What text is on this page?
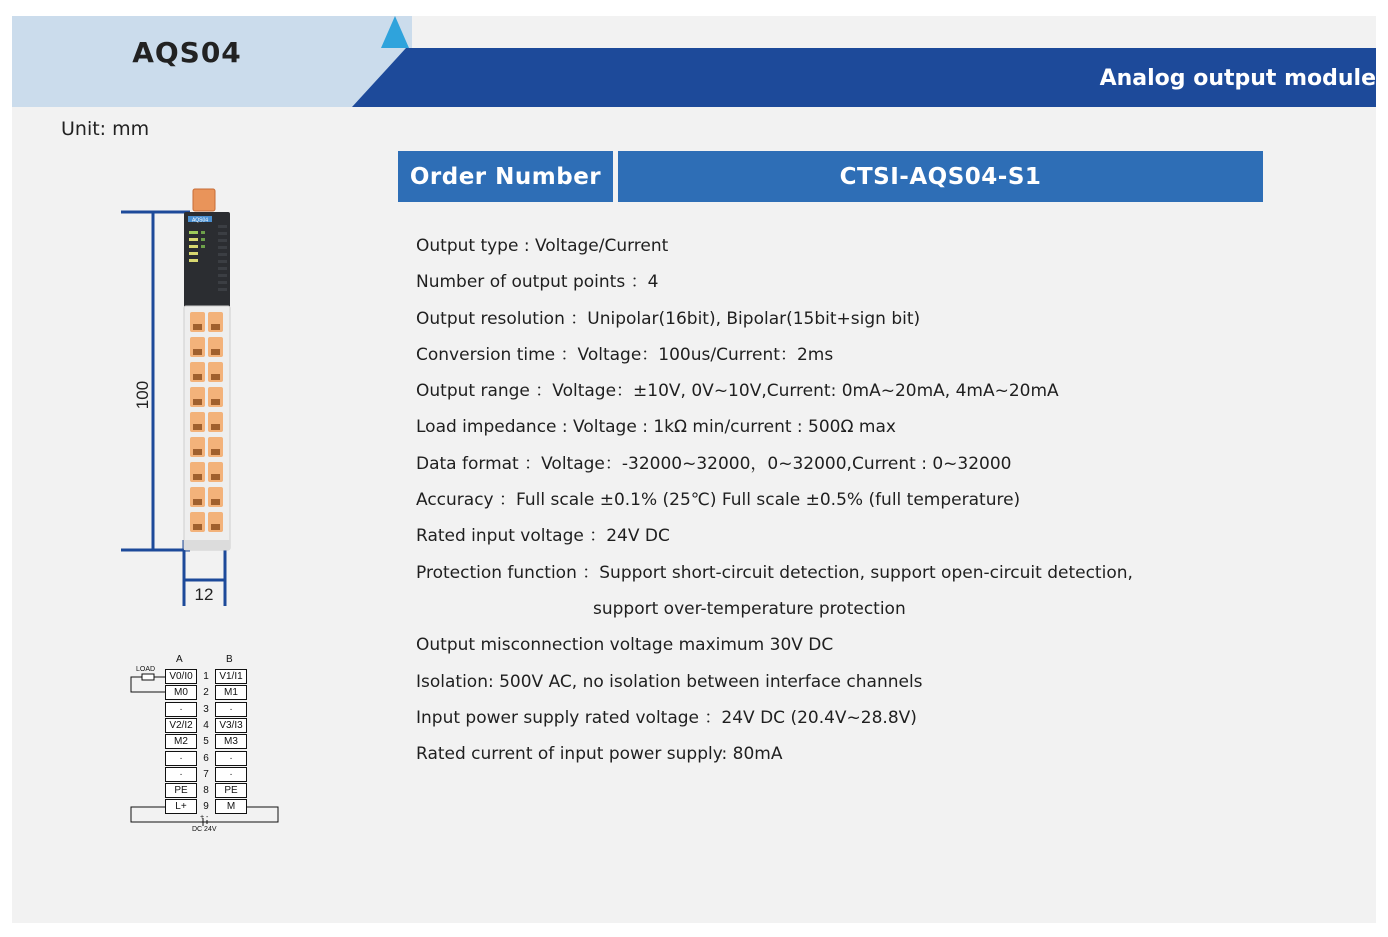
AQS04
Analog output module
Unit: mm
Order Number	CTSI-AQS04-S1
Output type : Voltage/Current
Number of output points ：4
Output resolution ：Unipolar(16bit), Bipolar(15bit+sign bit)
Conversion time ：Voltage：100us/Current：2ms
Output range ：Voltage：±10V, 0V~10V,Current: 0mA~20mA, 4mA~20mA
Load impedance : Voltage : 1kΩ min/current : 500Ω max
Data format ：Voltage：-32000~32000，0~32000,Current : 0~32000
Accuracy ：Full scale ±0.1% (25℃) Full scale ±0.5% (full temperature)
Rated input voltage ：24V DC
Protection function ：Support short-circuit detection, support open-circuit detection,
support over-temperature protection
Output misconnection voltage maximum 30V DC
Isolation: 500V AC, no isolation between interface channels
Input power supply rated voltage ：24V DC (20.4V~28.8V)
Rated current of input power supply: 80mA
100
12
AQS04
A	B
LOAD
V0/I0	1	V1/I1
M0	2	M1
·	3	·
V2/I2	4	V3/I3
M2	5	M3
·	6	·
·	7	·
PE	8	PE
L+	9	M
+ -
DC 24V
